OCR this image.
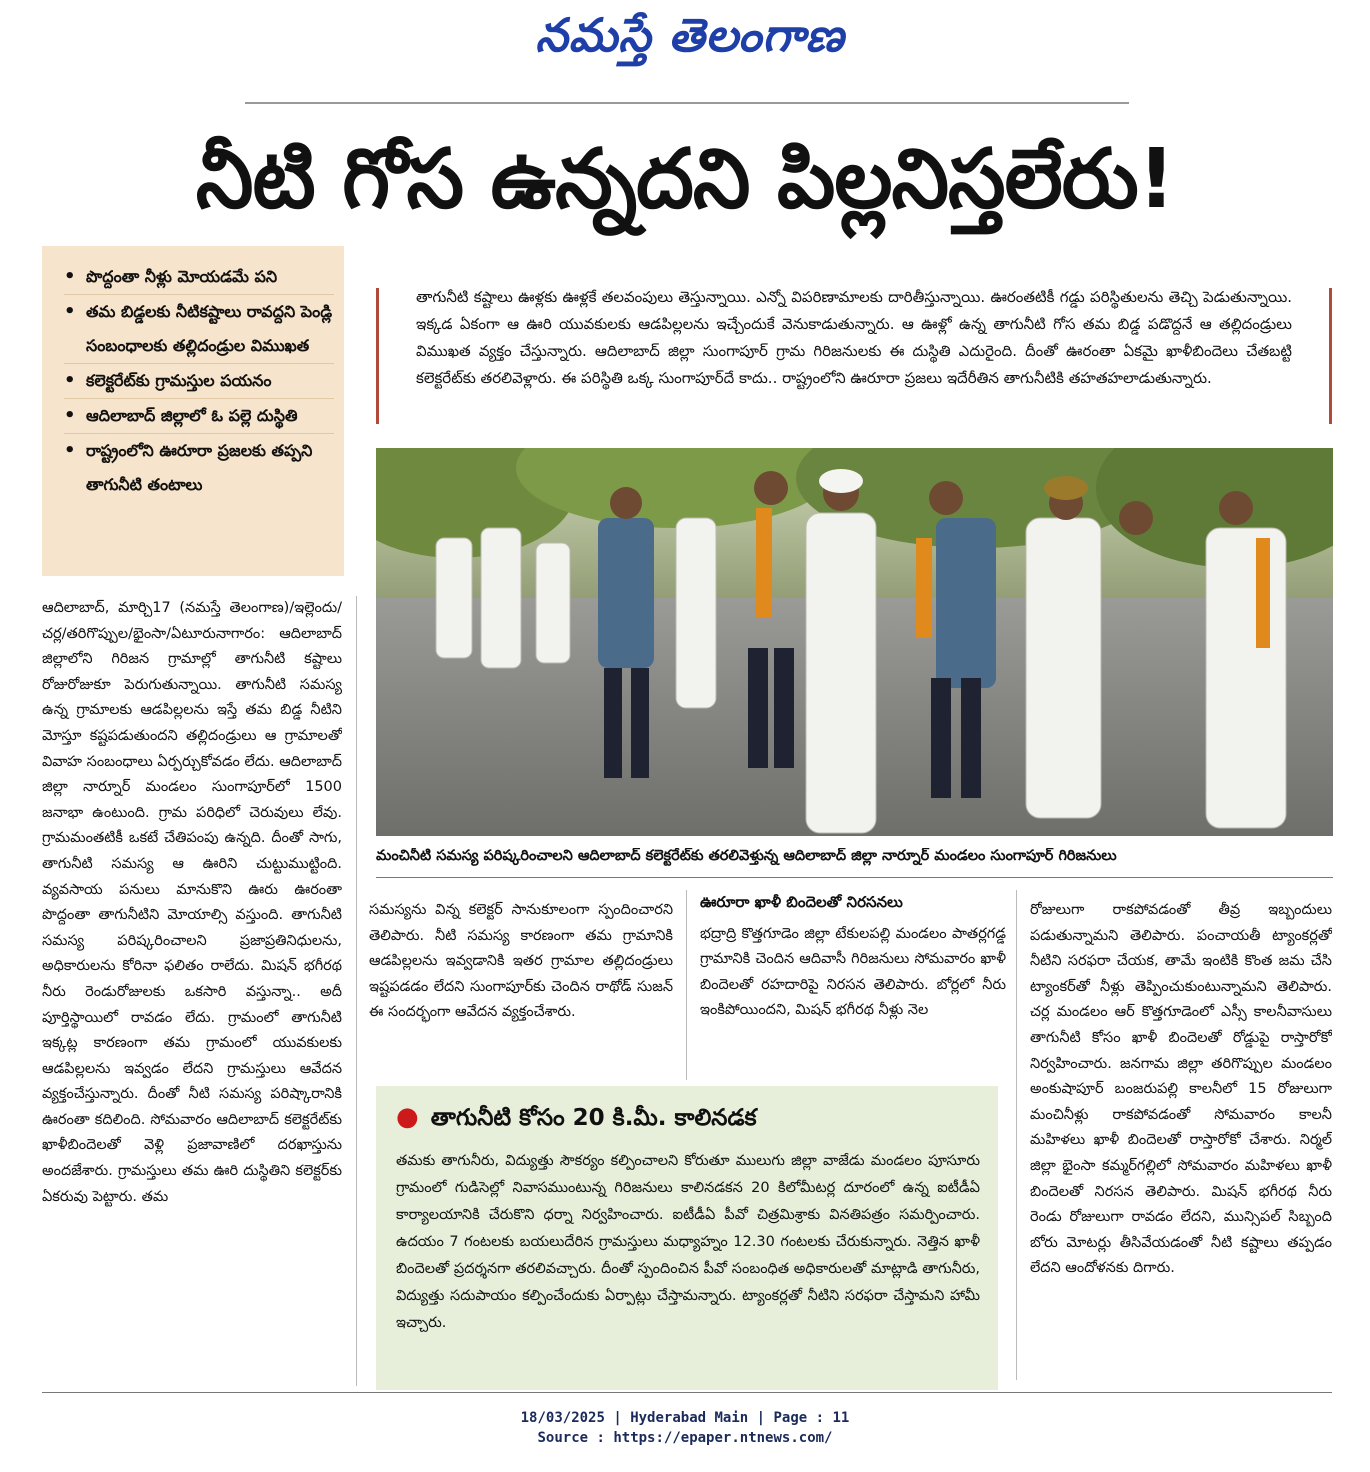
నమస్తే తెలంగాణ
నీటి గోస ఉన్నదని పిల్లనిస్తలేరు!
• పొద్దంతా నీళ్లు మోయడమే పని
• తమ బిడ్డలకు నీటికష్టాలు రావద్దని పెండ్లి సంబంధాలకు తల్లిదండ్రుల విముఖత
• కలెక్టరేట్‌కు గ్రామస్తుల పయనం
• ఆదిలాబాద్ జిల్లాలో ఓ పల్లె దుస్థితి
• రాష్ట్రంలోని ఊరూరా ప్రజలకు తప్పని తాగునీటి తంటాలు

తాగునీటి కష్టాలు ఊళ్లకు ఊళ్లకే తలవంపులు తెస్తున్నాయి. ఎన్నో విపరిణామాలకు దారితీస్తున్నాయి. ఊరంతటికీ గడ్డు పరిస్థితులను తెచ్చి పెడుతున్నాయి. ఇక్కడ ఏకంగా ఆ ఊరి యువకులకు ఆడపిల్లలను ఇచ్చేందుకే వెనుకాడుతున్నారు. ఆ ఊళ్లో ఉన్న తాగునీటి గోస తమ బిడ్డ పడొద్దనే ఆ తల్లిదండ్రులు విముఖత వ్యక్తం చేస్తున్నారు. ఆదిలాబాద్ జిల్లా సుంగాపూర్ గ్రామ గిరిజనులకు ఈ దుస్థితి ఎదురైంది. దీంతో ఊరంతా ఏకమై ఖాళీబిందెలు చేతబట్టి కలెక్టరేట్‌కు తరలివెళ్లారు. ఈ పరిస్థితి ఒక్క సుంగాపూర్‌దే కాదు.. రాష్ట్రంలోని ఊరూరా ప్రజలు ఇదేరీతిన తాగునీటికి తహతహలాడుతున్నారు.

మంచినీటి సమస్య పరిష్కరించాలని ఆదిలాబాద్ కలెక్టరేట్‌కు తరలివెళ్తున్న ఆదిలాబాద్ జిల్లా నార్నూర్ మండలం సుంగాపూర్ గిరిజనులు

ఆదిలాబాద్, మార్చి17 (నమస్తే తెలంగాణ)/ఇల్లెందు/చర్ల/తరిగొప్పుల/భైంసా/ఏటూరునాగారం: ఆదిలాబాద్ జిల్లాలోని గిరిజన గ్రామాల్లో తాగునీటి కష్టాలు రోజురోజుకూ పెరుగుతున్నాయి. తాగునీటి సమస్య ఉన్న గ్రామాలకు ఆడపిల్లలను ఇస్తే తమ బిడ్డ నీటిని మోస్తూ కష్టపడుతుందని తల్లిదండ్రులు ఆ గ్రామాలతో వివాహ సంబంధాలు ఏర్పర్చుకోవడం లేదు. ఆదిలాబాద్ జిల్లా నార్నూర్ మండలం సుంగాపూర్‌లో 1500 జనాభా ఉంటుంది. గ్రామ పరిధిలో చెరువులు లేవు. గ్రామమంతటికీ ఒకటే చేతిపంపు ఉన్నది. దీంతో సాగు, తాగునీటి సమస్య ఆ ఊరిని చుట్టుముట్టింది. వ్యవసాయ పనులు మానుకొని ఊరు ఊరంతా పొద్దంతా తాగునీటిని మోయాల్సి వస్తుంది. తాగునీటి సమస్య పరిష్కరించాలని ప్రజాప్రతినిధులను, అధికారులను కోరినా ఫలితం రాలేదు. మిషన్ భగీరథ నీరు రెండురోజులకు ఒకసారి వస్తున్నా.. అదీ పూర్తిస్థాయిలో రావడం లేదు. గ్రామంలో తాగునీటి ఇక్కట్ల కారణంగా తమ గ్రామంలో యువకులకు ఆడపిల్లలను ఇవ్వడం లేదని గ్రామస్తులు ఆవేదన వ్యక్తంచేస్తున్నారు. దీంతో నీటి సమస్య పరిష్కారానికి ఊరంతా కదిలింది. సోమవారం ఆదిలాబాద్ కలెక్టరేట్‌కు ఖాళీబిందెలతో వెళ్లి ప్రజావాణిలో దరఖాస్తును అందజేశారు. గ్రామస్తులు తమ ఊరి దుస్థితిని కలెక్టర్‌కు ఏకరువు పెట్టారు. తమ

సమస్యను విన్న కలెక్టర్ సానుకూలంగా స్పందించారని తెలిపారు. నీటి సమస్య కారణంగా తమ గ్రామానికి ఆడపిల్లలను ఇవ్వడానికి ఇతర గ్రామాల తల్లిదండ్రులు ఇష్టపడడం లేదని సుంగాపూర్‌కు చెందిన రాథోడ్ సుజన్ ఈ సందర్భంగా ఆవేదన వ్యక్తంచేశారు.

ఊరూరా ఖాళీ బిందెలతో నిరసనలు

భద్రాద్రి కొత్తగూడెం జిల్లా టేకులపల్లి మండలం పాతర్లగడ్డ గ్రామానికి చెందిన ఆదివాసీ గిరిజనులు సోమవారం ఖాళీ బిందెలతో రహదారిపై నిరసన తెలిపారు. బోర్లలో నీరు ఇంకిపోయిందని, మిషన్ భగీరథ నీళ్లు నెల

రోజులుగా రాకపోవడంతో తీవ్ర ఇబ్బందులు పడుతున్నామని తెలిపారు. పంచాయతీ ట్యాంకర్లతో నీటిని సరఫరా చేయక, తామే ఇంటికి కొంత జమ చేసి ట్యాంకర్‌తో నీళ్లు తెప్పించుకుంటున్నామని తెలిపారు. చర్ల మండలం ఆర్ కొత్తగూడెంలో ఎస్సీ కాలనీవాసులు తాగునీటి కోసం ఖాళీ బిందెలతో రోడ్డుపై రాస్తారోకో నిర్వహించారు. జనగామ జిల్లా తరిగొప్పుల మండలం అంకుషాపూర్ బంజరుపల్లి కాలనీలో 15 రోజులుగా మంచినీళ్లు రాకపోవడంతో సోమవారం కాలనీ మహిళలు ఖాళీ బిందెలతో రాస్తారోకో చేశారు. నిర్మల్ జిల్లా భైంసా కమ్మర్‌గల్లిలో సోమవారం మహిళలు ఖాళీ బిందెలతో నిరసన తెలిపారు. మిషన్ భగీరథ నీరు రెండు రోజులుగా రావడం లేదని, మున్సిపల్ సిబ్బంది బోరు మోటర్లు తీసివేయడంతో నీటి కష్టాలు తప్పడం లేదని ఆందోళనకు దిగారు.

● తాగునీటి కోసం 20 కి.మీ. కాలినడక
తమకు తాగునీరు, విద్యుత్తు సౌకర్యం కల్పించాలని కోరుతూ ములుగు జిల్లా వాజేడు మండలం పూసూరు గ్రామంలో గుడిసెల్లో నివాసముంటున్న గిరిజనులు కాలినడకన 20 కిలోమీటర్ల దూరంలో ఉన్న ఐటీడీఏ కార్యాలయానికి చేరుకొని ధర్నా నిర్వహించారు. ఐటీడీఏ పీవో చిత్రమిశ్రాకు వినతిపత్రం సమర్పించారు. ఉదయం 7 గంటలకు బయలుదేరిన గ్రామస్తులు మధ్యాహ్నం 12.30 గంటలకు చేరుకున్నారు. నెత్తిన ఖాళీ బిందెలతో ప్రదర్శనగా తరలివచ్చారు. దీంతో స్పందించిన పీవో సంబంధిత అధికారులతో మాట్లాడి తాగునీరు, విద్యుత్తు సదుపాయం కల్పించేందుకు ఏర్పాట్లు చేస్తామన్నారు. ట్యాంకర్లతో నీటిని సరఫరా చేస్తామని హామీ ఇచ్చారు.
18/03/2025 | Hyderabad Main | Page : 11
Source : https://epaper.ntnews.com/
